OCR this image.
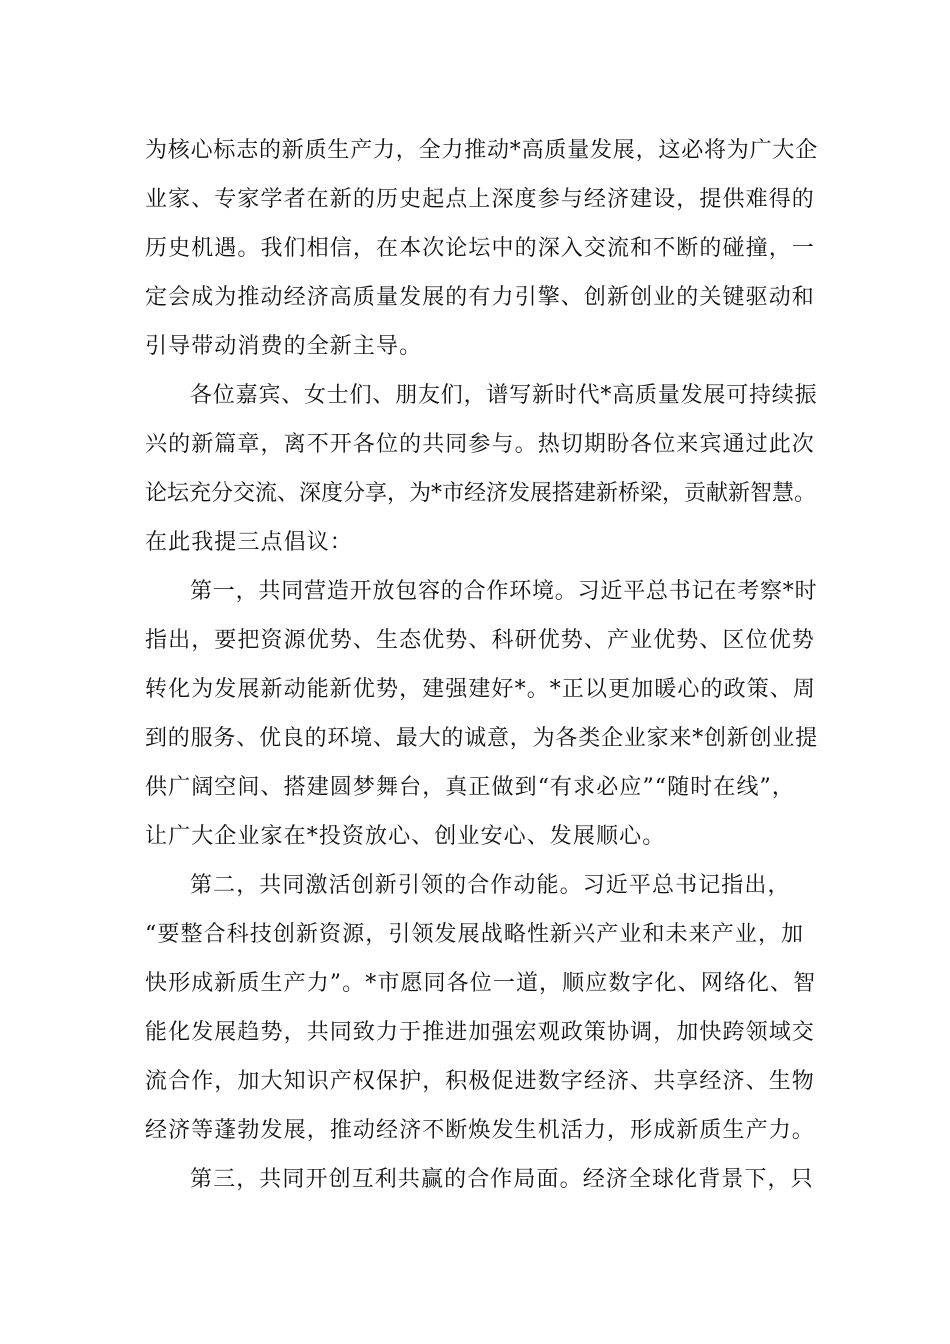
为核心标志的新质生产力，全力推动*高质量发展，这必将为广大企
业家、专家学者在新的历史起点上深度参与经济建设，提供难得的
历史机遇。我们相信，在本次论坛中的深入交流和不断的碰撞，一
定会成为推动经济高质量发展的有力引擎、创新创业的关键驱动和
引导带动消费的全新主导。
各位嘉宾、女士们、朋友们，谱写新时代*高质量发展可持续振
兴的新篇章，离不开各位的共同参与。热切期盼各位来宾通过此次
论坛充分交流、深度分享，为*市经济发展搭建新桥梁，贡献新智慧。
在此我提三点倡议：
第一，共同营造开放包容的合作环境。习近平总书记在考察*时
指出，要把资源优势、生态优势、科研优势、产业优势、区位优势
转化为发展新动能新优势，建强建好*。*正以更加暖心的政策、周
到的服务、优良的环境、最大的诚意，为各类企业家来*创新创业提
供广阔空间、搭建圆梦舞台，真正做到“有求必应”“随时在线”，
让广大企业家在*投资放心、创业安心、发展顺心。
第二，共同激活创新引领的合作动能。习近平总书记指出，
“要整合科技创新资源，引领发展战略性新兴产业和未来产业，加
快形成新质生产力”。*市愿同各位一道，顺应数字化、网络化、智
能化发展趋势，共同致力于推进加强宏观政策协调，加快跨领域交
流合作，加大知识产权保护，积极促进数字经济、共享经济、生物
经济等蓬勃发展，推动经济不断焕发生机活力，形成新质生产力。
第三，共同开创互利共赢的合作局面。经济全球化背景下，只
